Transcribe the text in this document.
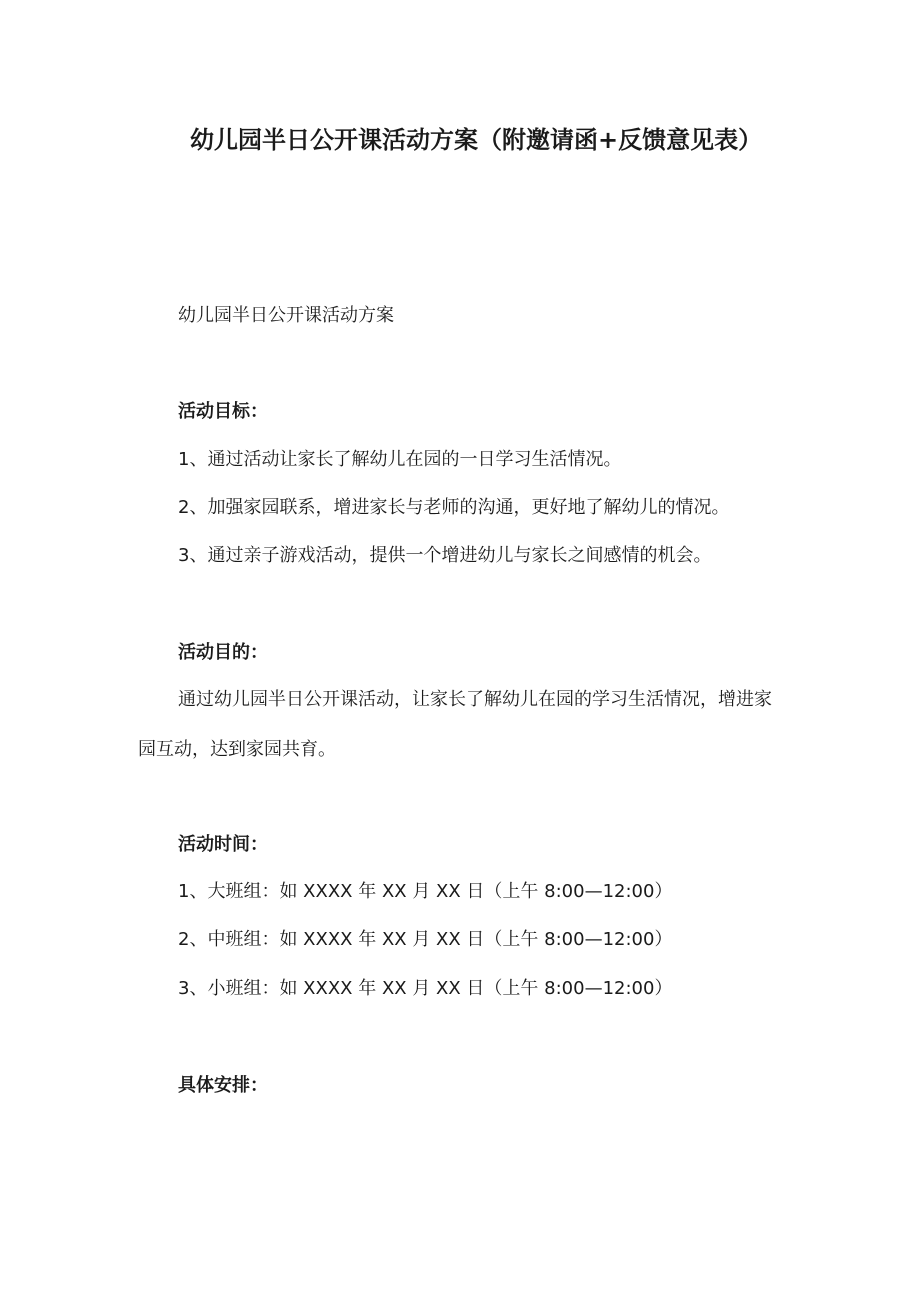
幼儿园半日公开课活动方案（附邀请函+反馈意见表）

幼儿园半日公开课活动方案

活动目标：

1、通过活动让家长了解幼儿在园的一日学习生活情况。

2、加强家园联系，增进家长与老师的沟通，更好地了解幼儿的情况。

3、通过亲子游戏活动，提供一个增进幼儿与家长之间感情的机会。

活动目的：

通过幼儿园半日公开课活动，让家长了解幼儿在园的学习生活情况，增进家园互动，达到家园共育。

活动时间：

1、大班组：如 XXXX 年 XX 月 XX 日（上午 8:00—12:00）

2、中班组：如 XXXX 年 XX 月 XX 日（上午 8:00—12:00）

3、小班组：如 XXXX 年 XX 月 XX 日（上午 8:00—12:00）

具体安排：
